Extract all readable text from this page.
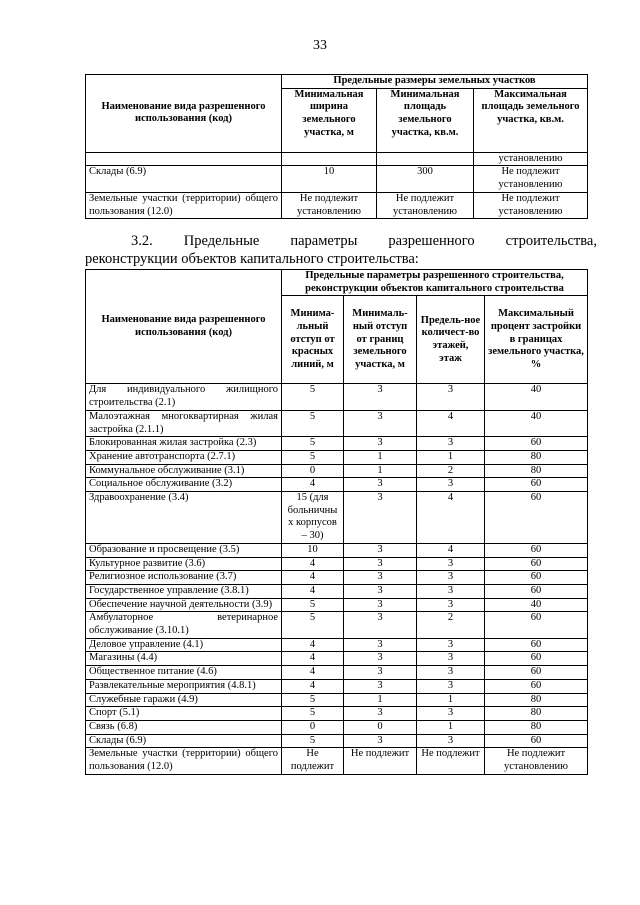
33
Наименование вида разрешенного использования (код)	Предельные размеры земельных участков		
	Минимальная ширина земельного участка, м	Минимальная площадь земельного участка, кв.м.	Максимальная площадь земельного участка, кв.м.
			установлению
Склады (6.9)	10	300	Не подлежит установлению
Земельные участки (территории) общего пользования (12.0)	Не подлежит установлению	Не подлежит установлению	Не подлежит установлению
3.2. Предельные параметры разрешенного строительства,
реконструкции объектов капитального строительства:
Наименование вида разрешенного использования (код)	Предельные параметры разрешенного строительства, реконструкции объектов капитального строительства			
	Минима-льный отступ от красных линий, м	Минималь-ный отступ от границ земельного участка, м	Предель-ное количест-во этажей, этаж	Максимальный процент застройки в границах земельного участка, %
Для индивидуального жилищного строительства (2.1)	5	3	3	40
Малоэтажная многоквартирная жилая застройка (2.1.1)	5	3	4	40
Блокированная жилая застройка (2.3)	5	3	3	60
Хранение автотранспорта (2.7.1)	5	1	1	80
Коммунальное обслуживание (3.1)	0	1	2	80
Социальное обслуживание (3.2)	4	3	3	60
Здравоохранение (3.4)	15 (для больничны х корпусов – 30)	3	4	60
Образование и просвещение (3.5)	10	3	4	60
Культурное развитие (3.6)	4	3	3	60
Религиозное использование (3.7)	4	3	3	60
Государственное управление (3.8.1)	4	3	3	60
Обеспечение научной деятельности (3.9)	5	3	3	40
Амбулаторное ветеринарное обслуживание (3.10.1)	5	3	2	60
Деловое управление (4.1)	4	3	3	60
Магазины (4.4)	4	3	3	60
Общественное питание (4.6)	4	3	3	60
Развлекательные мероприятия (4.8.1)	4	3	3	60
Служебные гаражи (4.9)	5	1	1	80
Спорт (5.1)	5	3	3	80
Связь (6.8)	0	0	1	80
Склады (6.9)	5	3	3	60
Земельные участки (территории) общего пользования (12.0)	Не подлежит	Не подлежит	Не подлежит	Не подлежит установлению
